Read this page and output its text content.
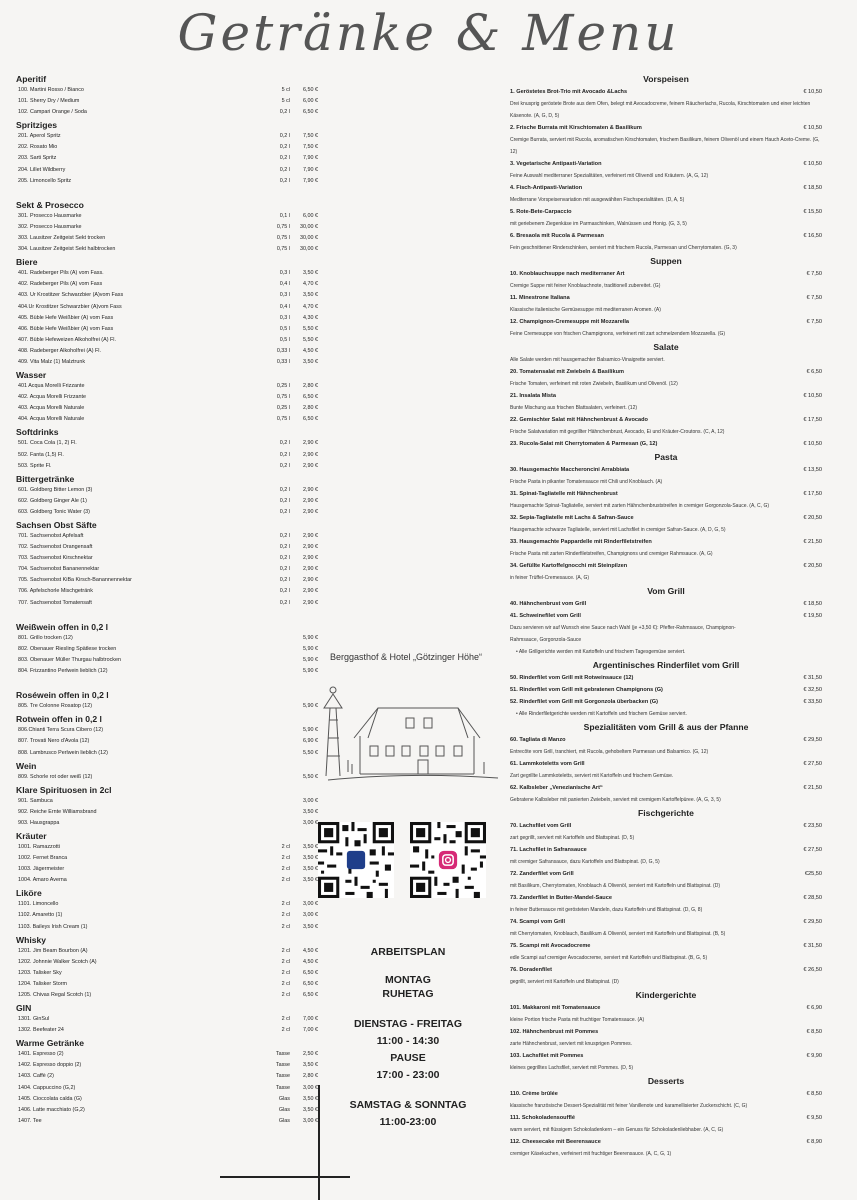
Getränke & Menu
Aperitif
100. Martini Rosso / Bianco	5 cl	6,50 €
101. Sherry Dry / Medium	5 cl	6,00 €
102. Campari Orange / Soda	0,2 l	6,50 €
Spritziges
201. Aperol Spritz	0,2 l	7,50 €
202. Rosato Mio	0,2 l	7,50 €
203. Sarti Spritz	0,2 l	7,90 €
204. Lillet Wildberry	0,2 l	7,90 €
205. Limoncello Spritz	0,2 l	7,90 €
Sekt & Prosecco
301. Prosecco Hausmarke	0,1 l	6,00 €
302. Prosecco Hausmarke	0,75 l	30,00 €
303. Lausitzer Zeitgeist Sekt trocken	0,75 l	30,00 €
304. Lausitzer Zeitgeist Sekt halbtrocken	0,75 l	30,00 €
Biere
401. Radeberger Pils (A) vom Fass.	0,3 l	3,50 €
402. Radeberger Pils (A) vom Fass	0,4 l	4,70 €
403. Ur Krostitzer Schwarzbier (A)vom Fass	0,3 l	3,50 €
404.Ur Krostitzer Schwarzbier (A)vom Fass	0,4 l	4,70 €
405. Büble Hefe Weißbier (A) vom Fass	0,3 l	4,30 €
406. Büble Hefe Weißbier (A) vom Fass	0,5 l	5,50 €
407. Büble Hefeweizen Alkoholfrei (A) Fl.	0,5 l	5,50 €
408. Radeberger Alkoholfrei (A) Fl.	0,33 l	4,50 €
409. Vita Malz (1) Malztrunk	0,33 l	3,50 €
Wasser
401 Acqua Morelli Frizzante	0,25 l	2,80 €
402. Acqua Morelli Frizzante	0,75 l	6,50 €
403. Acqua Morelli Naturale	0,25 l	2,80 €
404. Acqua Morelli Naturale	0,75 l	6,50 €
Softdrinks
501. Coca Cola (1, 2) Fl.	0,2 l	2,90 €
502. Fanta (1,5) Fl.	0,2 l	2,90 €
503. Sprite Fl.	0,2 l	2,90 €
Bittergetränke
601. Goldberg Bitter Lemon (3)	0,2 l	2,90 €
602. Goldberg Ginger Ale (1)	0,2 l	2,90 €
603. Goldberg Tonic Water (3)	0,2 l	2,90 €
Sachsen Obst Säfte
701. Sachsenobst Apfelsaft	0,2 l	2,90 €
702. Sachsenobst Orangensaft	0,2 l	2,90 €
703. Sachsenobst Kirschnektar	0,2 l	2,90 €
704. Sachsenobst Bananennektar	0,2 l	2,90 €
705. Sachsenobst KiBa Kirsch-Banannennektar	0,2 l	2,90 €
706. Apfelschorle Mischgetränk	0,2 l	2,90 €
707. Sachsenobst Tomatensaft	0,2 l	2,90 €
Weißwein offen in 0,2 l
801. Grillo trocken (12)	5,90 €
802. Obenauer Riesling Spätlese trocken	5,90 €
803. Obenauer Müller Thurgau halbtrocken	5,90 €
804. Frizzantino Perlwein lieblich (12)	5,90 €
Roséwein offen in 0,2 l
805. Tre Colonne Rosatop (12)	5,90 €
Rotwein offen in 0,2 l
806.Chianti Terra Scura Cibero (12)	5,90 €
807. Trovati Nero d'Avola (12)	6,90 €
808. Lambrusco Perlwein lieblich (12)	5,50 €
Wein
809. Schorle rot oder weiß (12)	5,50 €
Klare Spirituosen in 2cl
901. Sambuca	3,00 €
902. Reiche Ernte Williamsbrand	3,50 €
903. Hausgrappa	3,00 €
Kräuter
1001. Ramazzotti	2 cl	3,50 €
1002. Fernet Branca	2 cl	3,50 €
1003. Jägermeister	2 cl	3,50 €
1004. Amaro Averna	2 cl	3,50 €
Liköre
1101. Limoncello	2 cl	3,00 €
1102. Amaretto (1)	2 cl	3,00 €
1103. Baileys Irish Cream (1)	2 cl	3,50 €
Whisky
1201. Jim Beam Bourbon (A)	2 cl	4,50 €
1202. Johnnie Walker Scotch (A)	2 cl	4,50 €
1203. Talisker Sky	2 cl	6,50 €
1204. Talisker Storm	2 cl	6,50 €
1205. Chivas Regal Scotch (1)	2 cl	6,50 €
GIN
1301. GinSul	2 cl	7,00 €
1302. Beefeater 24	2 cl	7,00 €
Warme Getränke
1401. Espresso (2)	Tasse	2,50 €
1402. Espresso doppio (2)	Tasse	3,50 €
1403. Caffè (2)	Tasse	2,80 €
1404. Cappuccino (G,2)	Tasse	3,00 €
1405. Cioccolata calda (G)	Glas	3,50 €
1406. Latte macchiato (G,2)	Glas	3,50 €
1407. Tee	Glas	3,00 €
Berggasthof & Hotel „Götzinger Höhe“
ARBEITSPLAN
MONTAG
RUHETAG
DIENSTAG - FREITAG
11:00 - 14:30
PAUSE
17:00 - 23:00
SAMSTAG & SONNTAG
11:00-23:00
Vorspeisen
1. Geröstetes Brot-Trio mit Avocado &Lachs	€ 10,50
Drei knusprig geröstete Brote aus dem Ofen, belegt mit Avocadocreme, feinem Räucherlachs, Rucola, Kirschtomaten und einer leichten Käsenote. (A, G, D, 5)
2. Frische Burrata mit Kirschtomaten & Basilikum	€ 10,50
Cremige Burrata, serviert mit Rucola, aromatischen Kirschtomaten, frischem Basilikum, feinem Olivenöl und einem Hauch Aceto-Creme. (G, 12)
3. Vegetarische Antipasti-Variation	€ 10,50
Feine Auswahl mediterraner Spezialitäten, verfeinert mit Olivenöl und Kräutern. (A, G, 12)
4. Fisch-Antipasti-Variation	€ 18,50
Mediterrane Vorspeisenvariation mit ausgewählten Fischspezialitäten. (D, A, 5)
5. Rote-Bete-Carpaccio	€ 15,50
mit geriebenem Ziegenkäse im Parmaschinken, Walnüssen und Honig. (G, 3, 5)
6. Bresaola mit Rucola & Parmesan	€ 16,50
Fein geschnittener Rinderschinken, serviert mit frischem Rucola, Parmesan und Cherrytomaten. (G, 3)
Suppen
10. Knoblauchsuppe nach mediterraner Art	€ 7,50
Cremige Suppe mit feiner Knoblauchnote, traditionell zubereitet. (G)
11. Minestrone Italiana	€ 7,50
Klassische italienische Gemüsesuppe mit mediterranen Aromen. (A)
12. Champignon-Cremesuppe mit Mozzarella	€ 7,50
Feine Cremesuppe von frischen Champignons, verfeinert mit zart schmelzendem Mozzarella. (G)
Salate
Alle Salate werden mit hausgemachter Balsamico-Vinaigrette serviert.
20. Tomatensalat mit Zwiebeln & Basilikum	€ 6,50
Frische Tomaten, verfeinert mit roten Zwiebeln, Basilikum und Olivenöl. (12)
21. Insalata Mista	€ 10,50
Bunte Mischung aus frischen Blattsalaten, verfeinert. (12)
22. Gemischter Salat mit Hähnchenbrust & Avocado	€ 17,50
Frische Salatvariation mit gegrillter Hähnchenbrust, Avocado, Ei und Kräuter-Croutons. (C, A, 12)
23. Rucola-Salat mit Cherrytomaten & Parmesan (G, 12)	€ 10,50
Pasta
30. Hausgemachte Maccheroncini Arrabbiata	€ 13,50
Frische Pasta in pikanter Tomatensauce mit Chili und Knoblauch. (A)
31. Spinat-Tagliatelle mit Hähnchenbrust	€ 17,50
Hausgemachte Spinat-Tagliatelle, serviert mit zarten Hähnchenbruststreifen in cremiger Gorgonzola-Sauce. (A, C, G)
32. Sepia-Tagliatelle mit Lachs & Safran-Sauce	€ 20,50
Hausgemachte schwarze Tagliatelle, serviert mit Lachsfilet in cremiger Safran-Sauce. (A, D, G, 5)
33. Hausgemachte Pappardelle mit Rinderfiletstreifen	€ 21,50
Frische Pasta mit zarten Rinderfiletstreifen, Champignons und cremiger Rahmsauce. (A, G)
34. Gefüllte Kartoffelgnocchi mit Steinpilzen	€ 20,50
in feiner Trüffel-Cremesauce. (A, G)
Vom Grill
40. Hähnchenbrust vom Grill	€ 18,50
41. Schweinefilet vom Grill	€ 19,50
Dazu servieren wir auf Wunsch eine Sauce nach Wahl (je +3,50 €): Pfeffer-Rahmsauce, Champignon-
Rahmsauce, Gorgonzola-Sauce
• Alle Grillgerichte werden mit Kartoffeln und frischem Tagesgemüse serviert.
Argentinisches Rinderfilet vom Grill
50. Rinderfilet vom Grill mit Rotweinsauce (12)	€ 31,50
51. Rinderfilet vom Grill mit gebratenen Champignons (G)	€ 32,50
52. Rinderfilet vom Grill mit Gorgonzola überbacken (G)	€ 33,50
• Alle Rinderfiletgerichte werden mit Kartoffeln und frischem Gemüse serviert.
Spezialitäten vom Grill & aus der Pfanne
60. Tagliata di Manzo	€ 29,50
Entrecôte vom Grill, tranchiert, mit Rucola, gehobeltem Parmesan und Balsamico. (G, 12)
61. Lammkoteletts vom Grill	€ 27,50
Zart gegrillte Lammkoteletts, serviert mit Kartoffeln und frischem Gemüse.
62. Kalbsleber „Venezianische Art“	€ 21,50
Gebratene Kalbsleber mit panierten Zwiebeln, serviert mit cremigem Kartoffelpüree. (A, G, 3, 5)
Fischgerichte
70. Lachsfilet vom Grill	€ 23,50
zart gegrillt, serviert mit Kartoffeln und Blattspinat. (D, 5)
71. Lachsfilet in Safransauce	€ 27,50
mit cremiger Safransauce, dazu Kartoffeln und Blattspinat. (D, G, 5)
72. Zanderfilet vom Grill	€25,50
mit Basilikum, Cherrytomaten, Knoblauch & Olivenöl, serviert mit Kartoffeln und Blattspinat. (D)
73. Zanderfilet in Butter-Mandel-Sauce	€ 28,50
in feiner Buttersauce mit gerösteten Mandeln, dazu Kartoffeln und Blattspinat. (D, G, 8)
74. Scampi vom Grill	€ 29,50
mit Cherrytomaten, Knoblauch, Basilikum & Olivenöl, serviert mit Kartoffeln und Blattspinat. (B, 5)
75. Scampi mit Avocadocreme	€ 31,50
edle Scampi auf cremiger Avocadocreme, serviert mit Kartoffeln und Blattspinat. (B, G, 5)
76. Doradenfilet	€ 26,50
gegrillt, serviert mit Kartoffeln und Blattspinat. (D)
Kindergerichte
101. Makkaroni mit Tomatensauce	€ 6,90
kleine Portion frische Pasta mit fruchtiger Tomatensauce. (A)
102. Hähnchenbrust mit Pommes	€ 8,50
zarte Hähnchenbrust, serviert mit knusprigen Pommes.
103. Lachsfilet mit Pommes	€ 9,90
kleines gegrilltes Lachsfilet, serviert mit Pommes. (D, 5)
Desserts
110. Crème brûlée	€ 8,50
klassische französische Dessert-Spezialität mit feiner Vanillenote und karamellisierter Zuckerschicht. (C, G)
111. Schokoladensoufflé	€ 9,50
warm serviert, mit flüssigem Schokoladenkern – ein Genuss für Schokoladenliebhaber. (A, C, G)
112. Cheesecake mit Beerensauce	€ 8,90
cremiger Käsekuchen, verfeinert mit fruchtiger Beerensauce. (A, C, G, 1)
